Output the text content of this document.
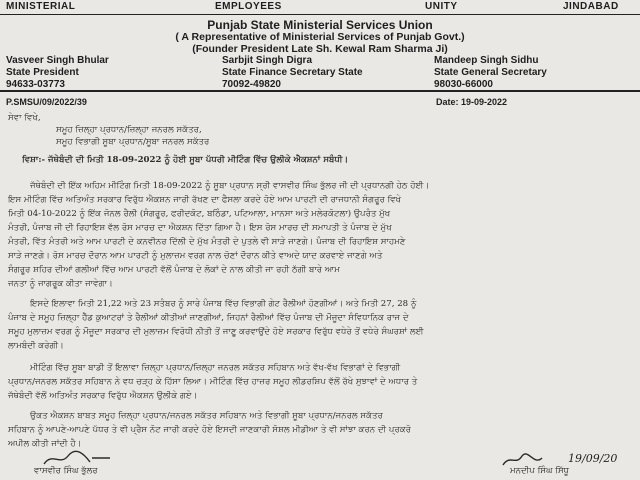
MINISTERIAL	EMPLOYEES	UNITY	JINDABAD
Punjab State Ministerial Services Union
( A Representative of Ministerial Services of Punjab Govt.)
(Founder President Late Sh. Kewal Ram Sharma Ji)
Vasveer Singh Bhular
State President
94633-03773
Sarbjit Singh Digra
State Finance Secretary State
70092-49820
Mandeep Singh Sidhu
State General Secretary
98030-66000
P.SMSU/09/2022/39	Date: 19-09-2022
ਸੇਵਾ ਵਿਖੇ,
ਸਮੂਹ ਜ਼ਿਲ੍ਹਾ ਪ੍ਰਧਾਨ/ਜ਼ਿਲ੍ਹਾ ਜਨਰਲ ਸਕੱਤਰ,
ਸਮੂਹ ਵਿਭਾਗੀ ਸੂਬਾ ਪ੍ਰਧਾਨ/ਸੂਬਾ ਜਨਰਲ ਸਕੱਤਰ
ਵਿਸ਼ਾ:- ਜੱਥੇਬੰਦੀ ਦੀ ਮਿਤੀ 18-09-2022 ਨੂੰ ਹੋਈ ਸੂਬਾ ਪੱਧਰੀ ਮੀਟਿੰਗ ਵਿੱਚ ਉਲੀਕੇ ਐਕਸ਼ਨਾਂ ਸਬੰਧੀ।
ਜੱਥੇਬੰਦੀ ਦੀ ਇੱਕ ਅਹਿਮ ਮੀਟਿੰਗ ਮਿਤੀ 18-09-2022 ਨੂੰ ਸੂਬਾ ਪ੍ਰਧਾਨ ਸ੍ਰੀ ਵਾਸਵੀਰ ਸਿੰਘ ਭੁੱਲਰ ਜੀ ਦੀ ਪ੍ਰਧਾਨਗੀ ਹੇਠ ਹੋਈ।
ਇਸ ਮੀਟਿੰਗ ਵਿੱਚ ਅਤਿਅੰਤ ਸਰਕਾਰ ਵਿਰੁੱਧ ਐਕਸ਼ਨ ਜਾਰੀ ਰੱਖਣ ਦਾ ਫੈਸਲਾ ਕਰਦੇ ਹੋਏ ਆਮ ਪਾਰਟੀ ਦੀ ਰਾਜਧਾਨੀ ਸੰਗਰੂਰ ਵਿਖੇ
ਮਿਤੀ 04-10-2022 ਨੂੰ ਇੱਕ ਜੋਨਲ ਰੈਲੀ (ਸੰਗਰੂਰ, ਫਰੀਦਕੋਟ, ਬਠਿੰਡਾ, ਪਟਿਆਲਾ, ਮਾਨਸਾ ਅਤੇ ਮਲੇਰਕੋਟਲਾ) ਉਪਰੰਤ ਮੁੱਖ
ਮੰਤਰੀ, ਪੰਜਾਬ ਜੀ ਦੀ ਰਿਹਾਇਸ਼ ਵੱਲ ਰੋਸ ਮਾਰਚ ਦਾ ਐਕਸ਼ਨ ਦਿੱਤਾ ਗਿਆ ਹੈ। ਇਸ ਰੋਸ ਮਾਰਚ ਦੀ ਸਮਾਪਤੀ ਤੇ ਪੰਜਾਬ ਦੇ ਮੁੱਖ
ਮੰਤਰੀ, ਵਿੱਤ ਮੰਤਰੀ ਅਤੇ ਆਮ ਪਾਰਟੀ ਦੇ ਕਨਵੀਨਰ ਦਿੱਲੀ ਦੇ ਮੁੱਖ ਮੰਤਰੀ ਦੇ ਪੁਤਲੇ ਵੀ ਸਾੜੇ ਜਾਣਗੇ। ਪੰਜਾਬ ਦੀ ਰਿਹਾਇਸ਼ ਸਾਹਮਣੇ
ਸਾੜੇ ਜਾਣਗੇ। ਰੋਸ ਮਾਰਚ ਦੌਰਾਨ ਆਮ ਪਾਰਟੀ ਨੂੰ ਮੁਲਾਜ਼ਮ ਵਰਗ ਨਾਲ ਚੋਣਾਂ ਦੌਰਾਨ ਕੀਤੇ ਵਾਅਦੇ ਯਾਦ ਕਰਵਾਏ ਜਾਣਗੇ ਅਤੇ
ਸੰਗਰੂਰ ਸ਼ਹਿਰ ਦੀਆਂ ਗਲੀਆਂ ਵਿੱਚ ਆਮ ਪਾਰਟੀ ਵੱਲੋਂ ਪੰਜਾਬ ਦੇ ਲੋਕਾਂ ਦੇ ਨਾਲ ਕੀਤੀ ਜਾ ਰਹੀ ਠੱਗੀ ਬਾਰੇ ਆਮ
ਜਨਤਾ ਨੂੰ ਜਾਗਰੂਕ ਕੀਤਾ ਜਾਵੇਗਾ।
ਇਸਦੇ ਇਲਾਵਾ ਮਿਤੀ 21,22 ਅਤੇ 23 ਸਤੰਬਰ ਨੂੰ ਸਾਰੇ ਪੰਜਾਬ ਵਿੱਚ ਵਿਭਾਗੀ ਗੇਟ ਰੈਲੀਆਂ ਹੋਣਗੀਆਂ। ਅਤੇ ਮਿਤੀ 27, 28 ਨੂੰ
ਪੰਜਾਬ ਦੇ ਸਮੂਹ ਜ਼ਿਲ੍ਹਾ ਹੈੱਡ ਕੁਆਟਰਾਂ ਤੇ ਰੈਲੀਆਂ ਕੀਤੀਆਂ ਜਾਣਗੀਆਂ, ਜਿਹਨਾਂ ਰੈਲੀਆਂ ਵਿੱਚ ਪੰਜਾਬ ਦੀ ਮੌਜੂਦਾ ਸੰਵਿਧਾਨਿਕ ਰਾਜ ਦੇ
ਸਮੂਹ ਮੁਲਾਜ਼ਮ ਵਰਗ ਨੂੰ ਮੌਜੂਦਾ ਸਰਕਾਰ ਦੀ ਮੁਲਾਜ਼ਮ ਵਿਰੋਧੀ ਨੀਤੀ ਤੋਂ ਜਾਣੂ ਕਰਵਾਉਂਦੇ ਹੋਏ ਸਰਕਾਰ ਵਿਰੁੱਧ ਵਧੇਰੇ ਤੋਂ ਵਧੇਰੇ ਸੰਘਰਸ਼ਾਂ ਲਈ
ਲਾਮਬੰਦੀ ਕਰੇਗੀ।
ਮੀਟਿੰਗ ਵਿੱਚ ਸੂਬਾ ਬਾਡੀ ਤੋਂ ਇਲਾਵਾ ਜ਼ਿਲ੍ਹਾ ਪ੍ਰਧਾਨ/ਜ਼ਿਲ੍ਹਾ ਜਨਰਲ ਸਕੱਤਰ ਸਹਿਬਾਨ ਅਤੇ ਵੱਖ-ਵੱਖ ਵਿਭਾਗਾਂ ਦੇ ਵਿਭਾਗੀ
ਪ੍ਰਧਾਨ/ਜਨਰਲ ਸਕੱਤਰ ਸਹਿਬਾਨ ਨੇ ਵਧ ਚੜ੍ਹ ਕੇ ਹਿੱਸਾ ਲਿਆ। ਮੀਟਿੰਗ ਵਿੱਚ ਹਾਜ਼ਰ ਸਮੂਹ ਲੀਡਰਸ਼ਿਪ ਵੱਲੋਂ ਰੱਖੇ ਸੁਝਾਵਾਂ ਦੇ ਅਧਾਰ ਤੇ
ਜੱਥੇਬੰਦੀ ਵੱਲੋਂ ਅਤਿਅੰਤ ਸਰਕਾਰ ਵਿਰੁੱਧ ਐਕਸ਼ਨ ਉਲੀਕੇ ਗਏ।
ਉਕਤ ਐਕਸ਼ਨ ਬਾਬਤ ਸਮੂਹ ਜ਼ਿਲ੍ਹਾ ਪ੍ਰਧਾਨ/ਜਨਰਲ ਸਕੱਤਰ ਸਹਿਬਾਨ ਅਤੇ ਵਿਭਾਗੀ ਸੂਬਾ ਪ੍ਰਧਾਨ/ਜਨਰਲ ਸਕੱਤਰ
ਸਹਿਬਾਨ ਨੂੰ ਆਪਣੇ-ਆਪਣੇ ਪੱਧਰ ਤੇ ਵੀ ਪ੍ਰੈਸ ਨੋਟ ਜਾਰੀ ਕਰਦੇ ਹੋਏ ਇਸਦੀ ਜਾਣਕਾਰੀ ਸੋਸ਼ਲ ਮੀਡੀਆ ਤੇ ਵੀ ਸਾਂਝਾ ਕਰਨ ਦੀ ਪ੍ਰਕਰੋ
ਅਪੀਲ ਕੀਤੀ ਜਾਂਦੀ ਹੈ।
ਵਾਸਵੀਰ ਸਿੰਘ ਭੁੱਲਰ
19/09/20
ਮਨਦੀਪ ਸਿੰਘ ਸਿੱਧੂ
